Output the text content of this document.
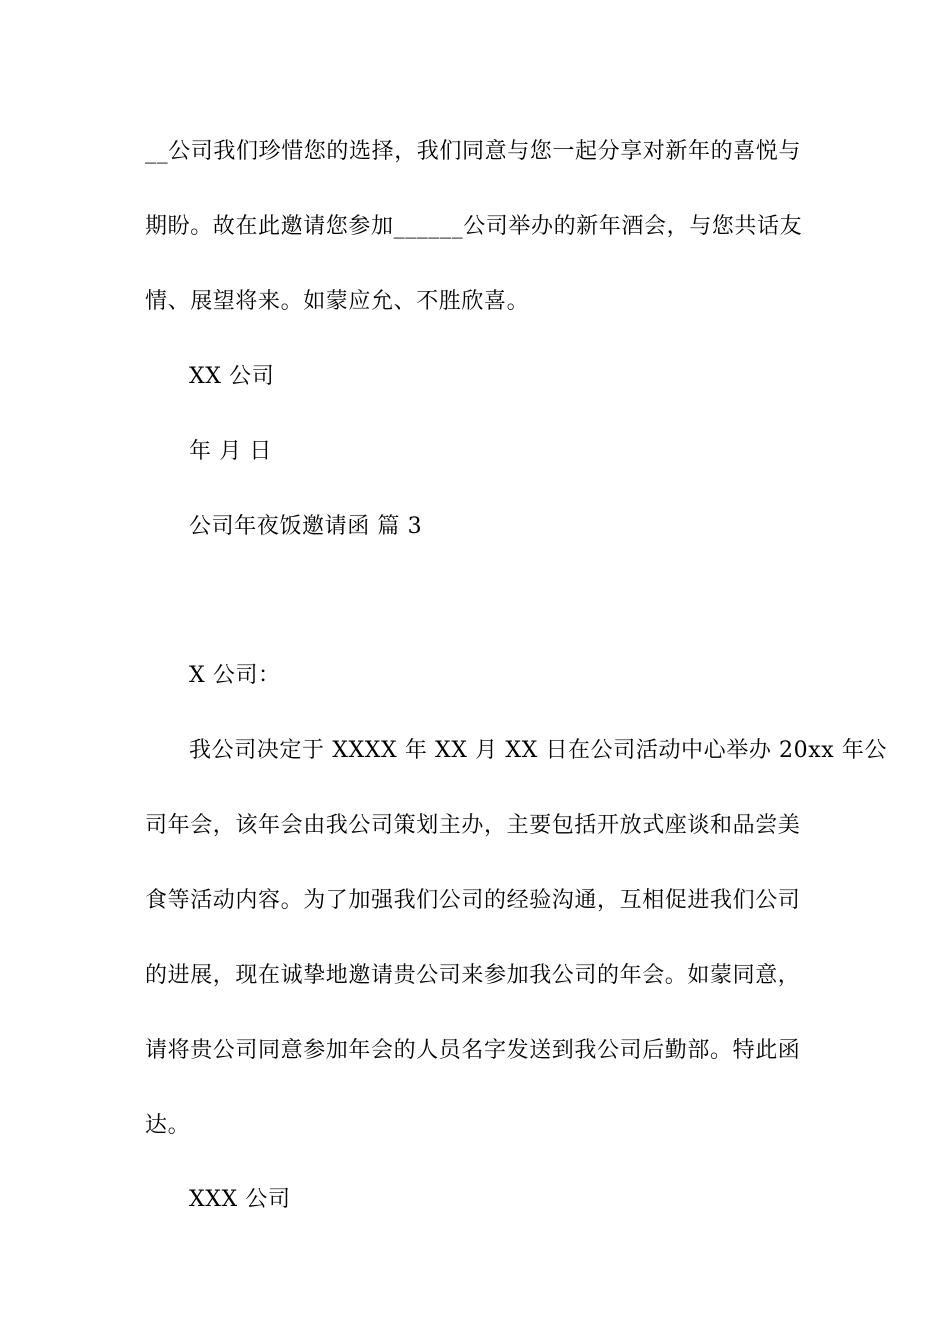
__公司我们珍惜您的选择，我们同意与您一起分享对新年的喜悦与
期盼。故在此邀请您参加______公司举办的新年酒会，与您共话友
情、展望将来。如蒙应允、不胜欣喜。
XX 公司
年 月 日
公司年夜饭邀请函 篇 3
X 公司：
我公司决定于 XXXX 年 XX 月 XX 日在公司活动中心举办 20xx 年公
司年会，该年会由我公司策划主办，主要包括开放式座谈和品尝美
食等活动内容。为了加强我们公司的经验沟通，互相促进我们公司
的进展，现在诚挚地邀请贵公司来参加我公司的年会。如蒙同意，
请将贵公司同意参加年会的人员名字发送到我公司后勤部。特此函
达。
XXX 公司
